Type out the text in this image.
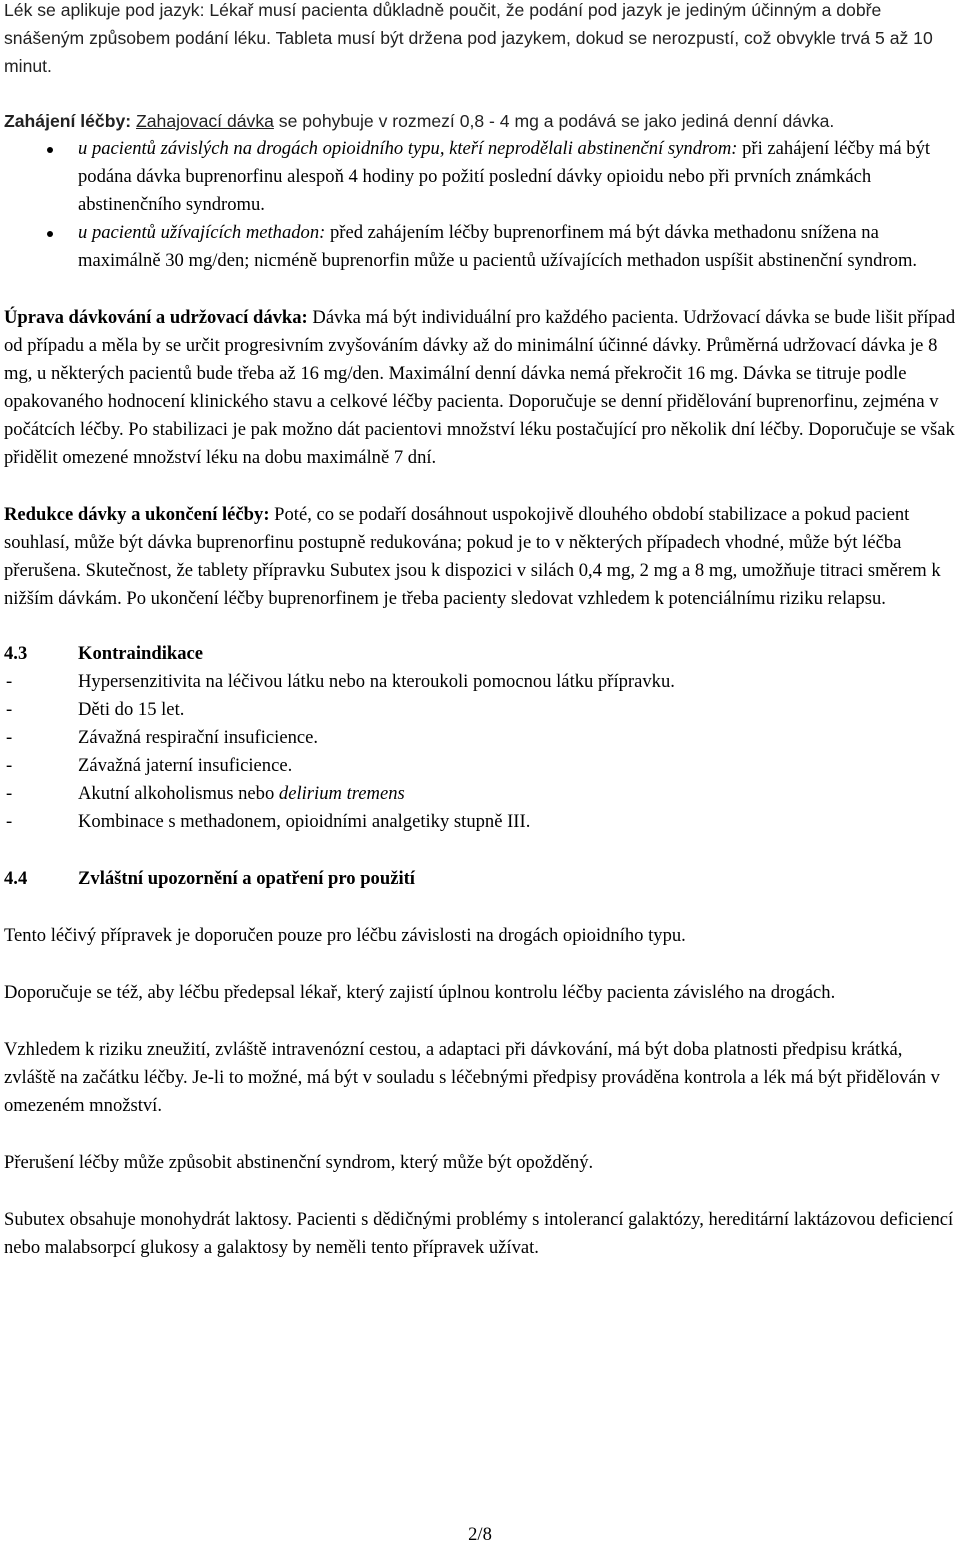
Lék se aplikuje pod jazyk: Lékař musí pacienta důkladně poučit, že podání pod jazyk je jediným účinným a dobře snášeným způsobem podání léku. Tableta musí být držena pod jazykem, dokud se nerozpustí, což obvykle trvá 5 až 10 minut.

Zahájení léčby: Zahajovací dávka se pohybuje v rozmezí 0,8 - 4 mg a podává se jako jediná denní dávka.

u pacientů závislých na drogách opioidního typu, kteří neprodělali abstinenční syndrom: při zahájení léčby má být podána dávka buprenorfinu alespoň 4 hodiny po požití poslední dávky opioidu nebo při prvních známkách abstinenčního syndromu.
u pacientů užívajících methadon: před zahájením léčby buprenorfinem má být dávka methadonu snížena na maximálně 30 mg/den; nicméně buprenorfin může u pacientů užívajících methadon uspíšit abstinenční syndrom.

Úprava dávkování a udržovací dávka: Dávka má být individuální pro každého pacienta. Udržovací dávka se bude lišit případ od případu a měla by se určit progresivním zvyšováním dávky až do minimální účinné dávky. Průměrná udržovací dávka je 8 mg, u některých pacientů bude třeba až 16 mg/den. Maximální denní dávka nemá překročit 16 mg. Dávka se titruje podle opakovaného hodnocení klinického stavu a celkové léčby pacienta. Doporučuje se denní přidělování buprenorfinu, zejména v počátcích léčby. Po stabilizaci je pak možno dát pacientovi množství léku postačující pro několik dní léčby. Doporučuje se však přidělit omezené množství léku na dobu maximálně 7 dní.

Redukce dávky a ukončení léčby: Poté, co se podaří dosáhnout uspokojivě dlouhého období stabilizace a pokud pacient souhlasí, může být dávka buprenorfinu postupně redukována; pokud je to v některých případech vhodné, může být léčba přerušena. Skutečnost, že tablety přípravku Subutex jsou k dispozici v silách 0,4 mg, 2 mg a 8 mg, umožňuje titraci směrem k nižším dávkám. Po ukončení léčby buprenorfinem je třeba pacienty sledovat vzhledem k potenciálnímu riziku relapsu.

4.3	Kontraindikace

-	Hypersenzitivita na léčivou látku nebo na kteroukoli pomocnou látku přípravku.
-	Děti do 15 let.
-	Závažná respirační insuficience.
-	Závažná jaterní insuficience.
-	Akutní alkoholismus nebo delirium tremens
-	Kombinace s methadonem, opioidními analgetiky stupně III.

4.4	Zvláštní upozornění a opatření pro použití

Tento léčivý přípravek je doporučen pouze pro léčbu závislosti na drogách opioidního typu.

Doporučuje se též, aby léčbu předepsal lékař, který zajistí úplnou kontrolu léčby pacienta závislého na drogách.

Vzhledem k riziku zneužití, zvláště intravenózní cestou, a adaptaci při dávkování, má být doba platnosti předpisu krátká, zvláště na začátku léčby. Je-li to možné, má být v souladu s léčebnými předpisy prováděna kontrola a lék má být přidělován v omezeném množství.

Přerušení léčby může způsobit abstinenční syndrom, který může být opožděný.

Subutex obsahuje monohydrát laktosy. Pacienti s dědičnými problémy s intolerancí galaktózy, hereditární laktázovou deficiencí nebo malabsorpcí glukosy a galaktosy by neměli tento přípravek užívat.

2/8
